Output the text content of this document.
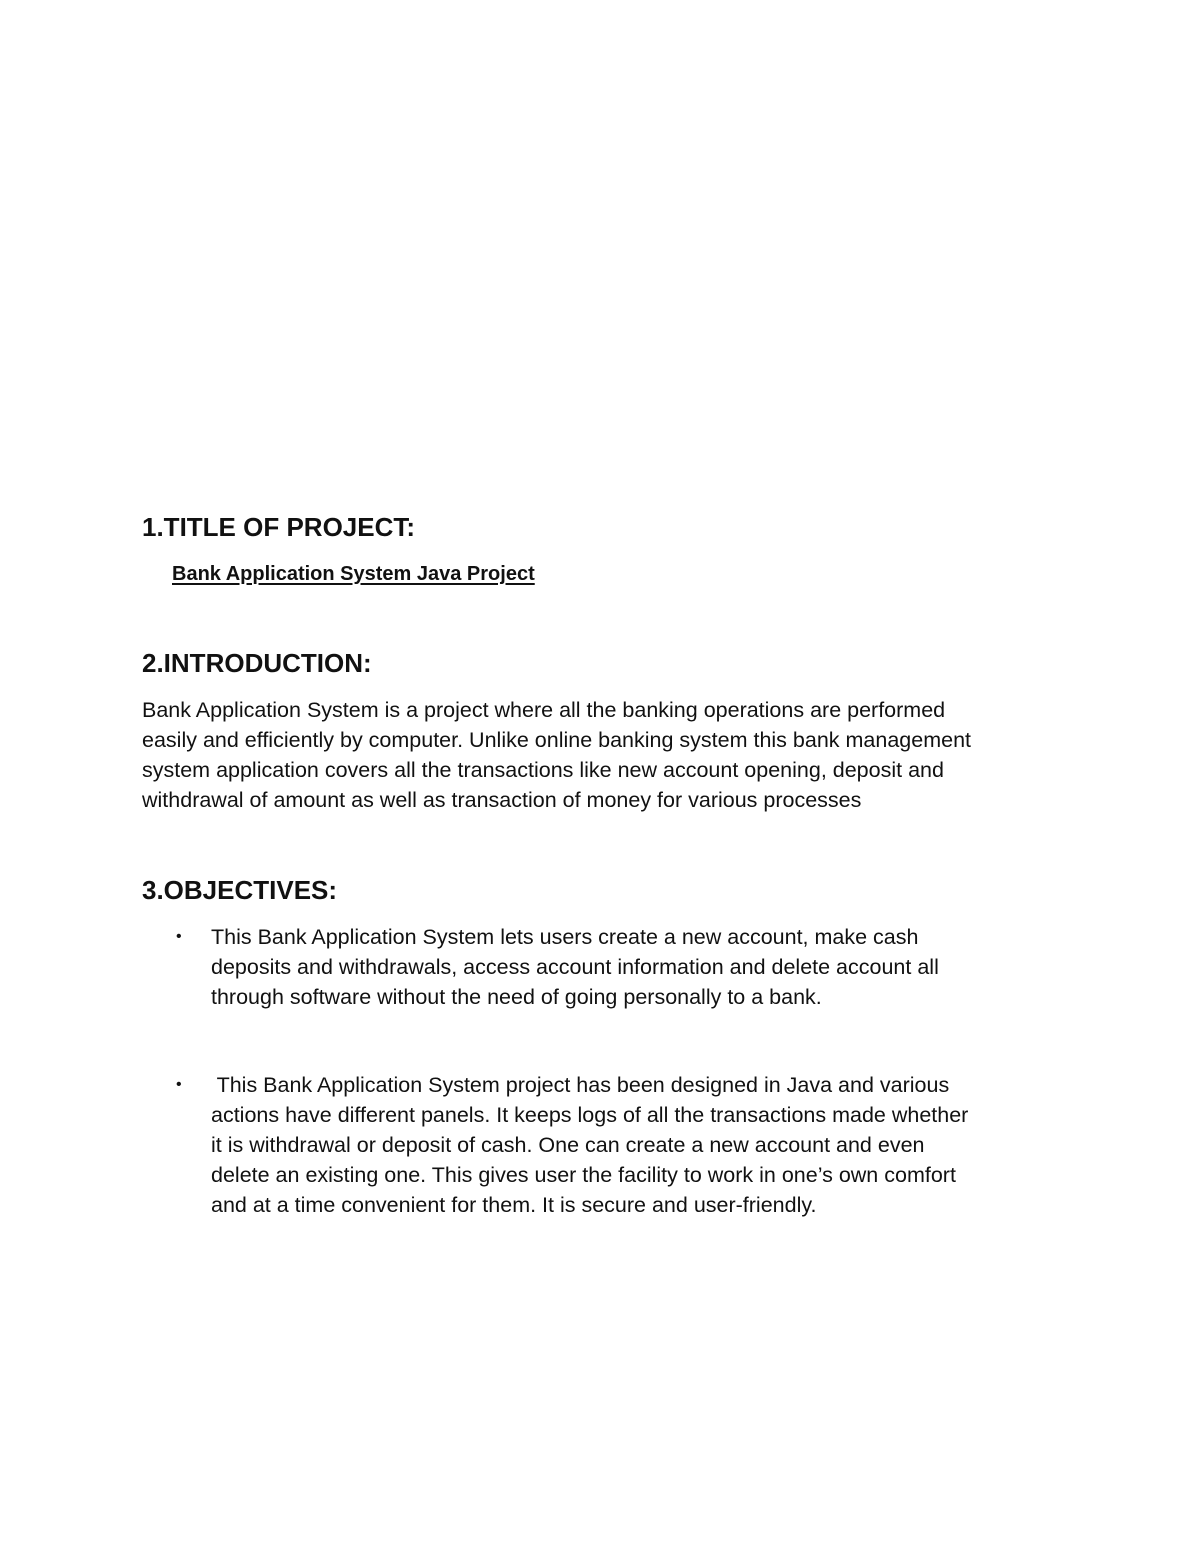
1.TITLE OF PROJECT:
Bank Application System Java Project
2.INTRODUCTION:
Bank Application System is a project where all the banking operations are performed
easily and efficiently by computer. Unlike online banking system this bank management
system application covers all the transactions like new account opening, deposit and
withdrawal of amount as well as transaction of money for various processes
3.OBJECTIVES:
• This Bank Application System lets users create a new account, make cash
deposits and withdrawals, access account information and delete account all
through software without the need of going personally to a bank.
• This Bank Application System project has been designed in Java and various
actions have different panels. It keeps logs of all the transactions made whether
it is withdrawal or deposit of cash. One can create a new account and even
delete an existing one. This gives user the facility to work in one’s own comfort
and at a time convenient for them. It is secure and user-friendly.
